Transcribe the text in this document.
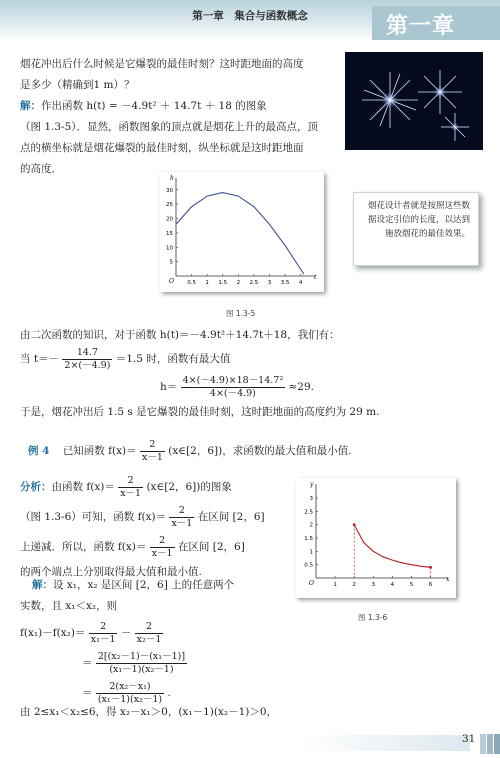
第一章　集合与函数概念	第一章
烟花冲出后什么时候是它爆裂的最佳时刻？这时距地面的高度
是多少（精确到1 m）？
解：作出函数 h(t) = －4.9t² ＋ 14.7t ＋ 18 的图象
（图 1.3-5）．显然，函数图象的顶点就是烟花上升的最高点，顶
点的横坐标就是烟花爆裂的最佳时刻，纵坐标就是这时距地面
的高度．
t
h
O 0.5 1 1.5 2 2.5 3 3.5 4
5
10
15
20
25
30
图 1.3-5
烟花设计者就是按照这些数据设定引信的长度，以达到施放烟花的最佳效果。
由二次函数的知识，对于函数 h(t)＝－4.9t²＋14.7t＋18，我们有：
当 $t=- \frac{14.7}{2\times(-4.9)} =1.5$ 时，函数有最大值
$h= \frac{\text{4×(－4.9)×18－14.7²}}{4\times(-4.9)} \approx 29$.
于是，烟花冲出后 1.5 s 是它爆裂的最佳时刻，这时距地面的高度约为 29 m.
例 4 已知函数 $f(x)= \frac{2}{x-1}$ (x∈[2，6])，求函数的最大值和最小值.
分析：由函数 $f(x)= \frac{2}{x-1}$ (x∈[2，6])的图象
（图 1.3-6）可知，函数 $f(x)= \frac{2}{x-1}$ 在区间 [2，6]
上递减．所以，函数 $f(x)= \frac{2}{x-1}$ 在区间 [2，6]
的两个端点上分别取得最大值和最小值.
x
y
O	1	2	3	4	5	6
0.5
1
1.5
2
2.5
3
图 1.3-6
解：设 x₁，x₂ 是区间 [2，6] 上的任意两个
实数，且 x₁＜x₂，则
$f(x_1)-f(x_2)= \frac{2}{\text{x₁－1}} - \frac{2}{\text{x₂－1}}$
＝ $\frac{\text{2[(x₂－1)－(x₁－1)]}}{\text{(x₁－1)(x₂－1)}}$
＝ $\frac{\text{2(x₂－x₁)}}{\text{(x₁－1)(x₂－1)}}$ .
由 2≤x₁＜x₂≤6，得 x₂－x₁＞0，(x₁－1)(x₂－1)＞0，
31
